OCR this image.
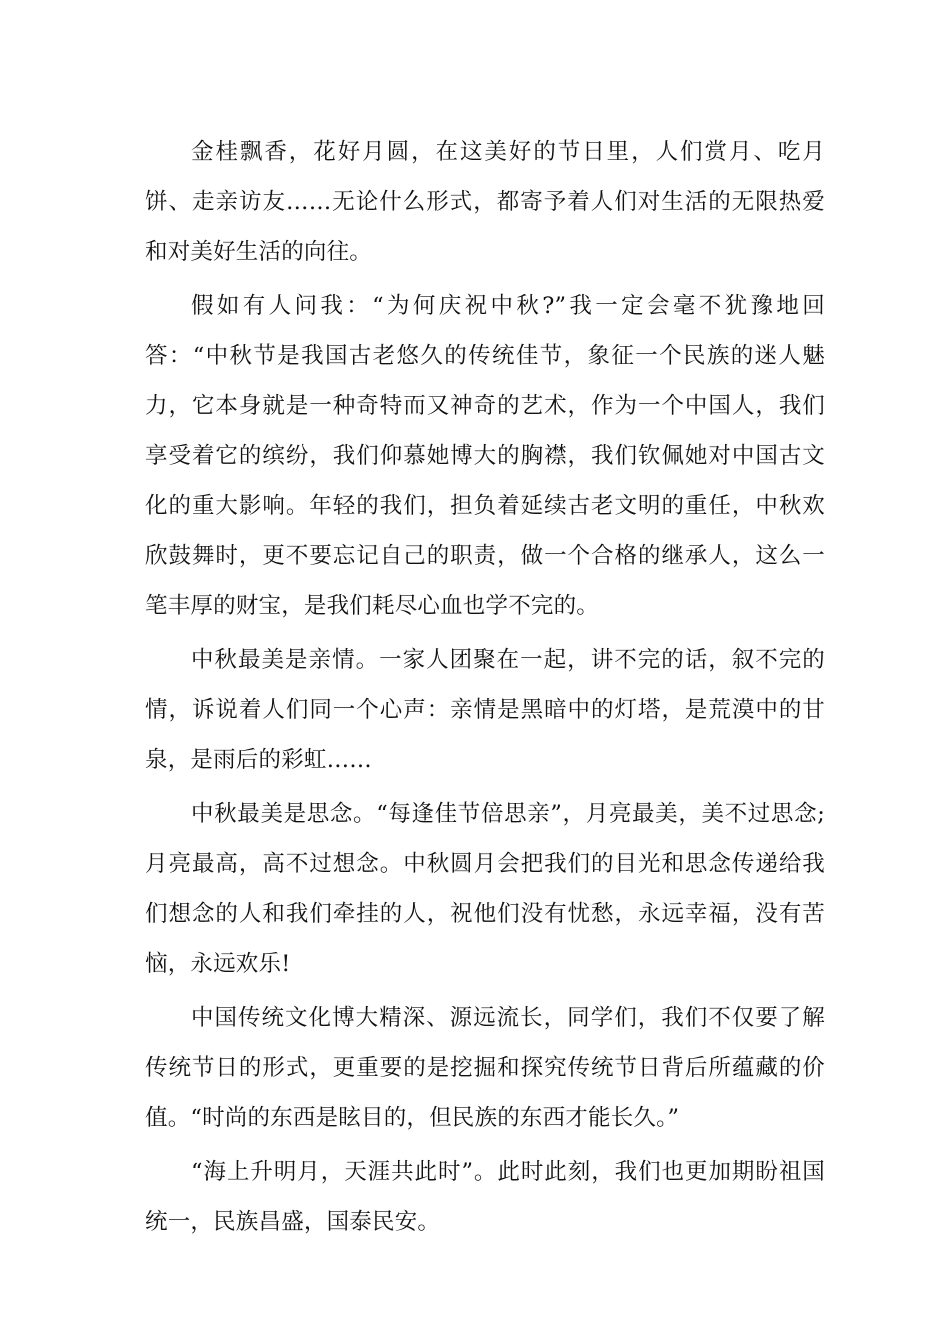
金桂飘香，花好月圆，在这美好的节日里，人们赏月、吃月饼、走亲访友……无论什么形式，都寄予着人们对生活的无限热爱和对美好生活的向往。

假如有人问我：“为何庆祝中秋?”我一定会毫不犹豫地回答：“中秋节是我国古老悠久的传统佳节，象征一个民族的迷人魅力，它本身就是一种奇特而又神奇的艺术，作为一个中国人，我们享受着它的缤纷，我们仰慕她博大的胸襟，我们钦佩她对中国古文化的重大影响。年轻的我们，担负着延续古老文明的重任，中秋欢欣鼓舞时，更不要忘记自己的职责，做一个合格的继承人，这么一笔丰厚的财宝，是我们耗尽心血也学不完的。

中秋最美是亲情。一家人团聚在一起，讲不完的话，叙不完的情，诉说着人们同一个心声：亲情是黑暗中的灯塔，是荒漠中的甘泉，是雨后的彩虹……

中秋最美是思念。“每逢佳节倍思亲”，月亮最美，美不过思念;月亮最高，高不过想念。中秋圆月会把我们的目光和思念传递给我们想念的人和我们牵挂的人，祝他们没有忧愁，永远幸福，没有苦恼，永远欢乐!

中国传统文化博大精深、源远流长，同学们，我们不仅要了解传统节日的形式，更重要的是挖掘和探究传统节日背后所蕴藏的价值。“时尚的东西是眩目的，但民族的东西才能长久。”

“海上升明月，天涯共此时”。此时此刻，我们也更加期盼祖国统一，民族昌盛，国泰民安。
